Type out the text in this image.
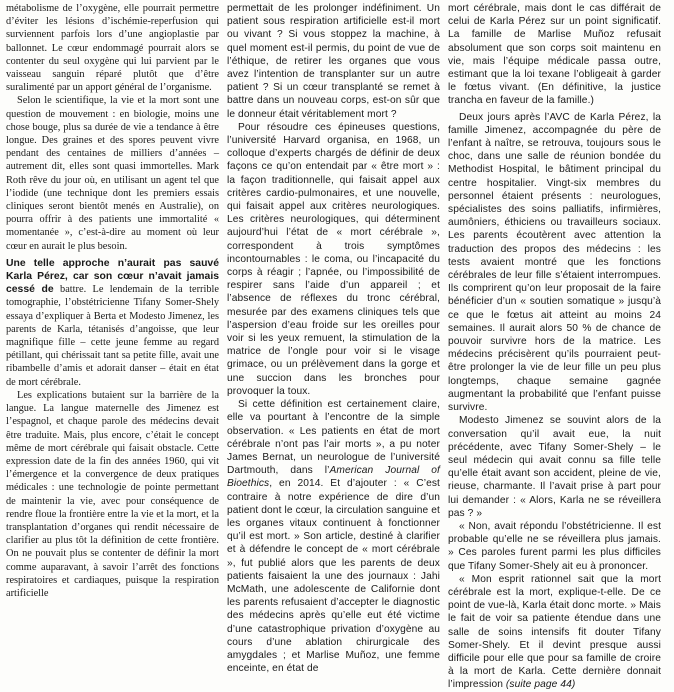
métabolisme de l’oxygène, elle pourrait permettre d’éviter les lésions d’ischémie-reperfusion qui surviennent parfois lors d’une angioplastie par ballonnet. Le cœur endommagé pourrait alors se contenter du seul oxygène qui lui parvient par le vaisseau sanguin réparé plutôt que d’être suralimenté par un apport général de l’organisme.

Selon le scientifique, la vie et la mort sont une question de mouvement : en biologie, moins une chose bouge, plus sa durée de vie a tendance à être longue. Des graines et des spores peuvent vivre pendant des centaines de milliers d’années – autrement dit, elles sont quasi immortelles. Mark Roth rêve du jour où, en utilisant un agent tel que l’iodide (une technique dont les premiers essais cliniques seront bientôt menés en Australie), on pourra offrir à des patients une immortalité « momentanée », c’est-à-dire au moment où leur cœur en aurait le plus besoin.

Une telle approche n’aurait pas sauvé Karla Pérez, car son cœur n’avait jamais cessé de battre. Le lendemain de la terrible tomographie, l’obstétricienne Tifany Somer-Shely essaya d’expliquer à Berta et Modesto Jimenez, les parents de Karla, tétanisés d’angoisse, que leur magnifique fille – cette jeune femme au regard pétillant, qui chérissait tant sa petite fille, avait une ribambelle d’amis et adorait danser – était en état de mort cérébrale.

Les explications butaient sur la barrière de la langue. La langue maternelle des Jimenez est l’espagnol, et chaque parole des médecins devait être traduite. Mais, plus encore, c’était le concept même de mort cérébrale qui faisait obstacle. Cette expression date de la fin des années 1960, qui vit l’émergence et la convergence de deux pratiques médicales : une technologie de pointe permettant de maintenir la vie, avec pour conséquence de rendre floue la frontière entre la vie et la mort, et la transplantation d’organes qui rendit nécessaire de clarifier au plus tôt la définition de cette frontière. On ne pouvait plus se contenter de définir la mort comme auparavant, à savoir l’arrêt des fonctions respiratoires et cardiaques, puisque la respiration artificielle

permettait de les prolonger indéfiniment. Un patient sous respiration artificielle est-il mort ou vivant ? Si vous stoppez la machine, à quel moment est-il permis, du point de vue de l’éthique, de retirer les organes que vous avez l’intention de transplanter sur un autre patient ? Si un cœur transplanté se remet à battre dans un nouveau corps, est-on sûr que le donneur était véritablement mort ?

Pour résoudre ces épineuses questions, l’université Harvard organisa, en 1968, un colloque d’experts chargés de définir de deux façons ce qu’on entendait par « être mort » : la façon traditionnelle, qui faisait appel aux critères cardio-pulmonaires, et une nouvelle, qui faisait appel aux critères neurologiques. Les critères neurologiques, qui déterminent aujourd’hui l’état de « mort cérébrale », correspondent à trois symptômes incontournables : le coma, ou l’incapacité du corps à réagir ; l’apnée, ou l’impossibilité de respirer sans l’aide d’un appareil ; et l’absence de réflexes du tronc cérébral, mesurée par des examens cliniques tels que l’aspersion d’eau froide sur les oreilles pour voir si les yeux remuent, la stimulation de la matrice de l’ongle pour voir si le visage grimace, ou un prélèvement dans la gorge et une succion dans les bronches pour provoquer la toux.

Si cette définition est certainement claire, elle va pourtant à l’encontre de la simple observation. « Les patients en état de mort cérébrale n’ont pas l’air morts », a pu noter James Bernat, un neurologue de l’université Dartmouth, dans l’American Journal of Bioethics, en 2014. Et d’ajouter : « C’est contraire à notre expérience de dire d’un patient dont le cœur, la circulation sanguine et les organes vitaux continuent à fonctionner qu’il est mort. » Son article, destiné à clarifier et à défendre le concept de « mort cérébrale », fut publié alors que les parents de deux patients faisaient la une des journaux : Jahi McMath, une adolescente de Californie dont les parents refusaient d’accepter le diagnostic des médecins après qu’elle eut été victime d’une catastrophique privation d’oxygène au cours d’une ablation chirurgicale des amygdales ; et Marlise Muñoz, une femme enceinte, en état de

mort cérébrale, mais dont le cas différait de celui de Karla Pérez sur un point significatif. La famille de Marlise Muñoz refusait absolument que son corps soit maintenu en vie, mais l’équipe médicale passa outre, estimant que la loi texane l’obligeait à garder le fœtus vivant. (En définitive, la justice trancha en faveur de la famille.)

Deux jours après l’AVC de Karla Pérez, la famille Jimenez, accompagnée du père de l’enfant à naître, se retrouva, toujours sous le choc, dans une salle de réunion bondée du Methodist Hospital, le bâtiment principal du centre hospitalier. Vingt-six membres du personnel étaient présents : neurologues, spécialistes des soins palliatifs, infirmières, aumôniers, éthiciens ou travailleurs sociaux. Les parents écoutèrent avec attention la traduction des propos des médecins : les tests avaient montré que les fonctions cérébrales de leur fille s’étaient interrompues. Ils comprirent qu’on leur proposait de la faire bénéficier d’un « soutien somatique » jusqu’à ce que le fœtus ait atteint au moins 24 semaines. Il aurait alors 50 % de chance de pouvoir survivre hors de la matrice. Les médecins précisèrent qu’ils pourraient peut-être prolonger la vie de leur fille un peu plus longtemps, chaque semaine gagnée augmentant la probabilité que l’enfant puisse survivre.

Modesto Jimenez se souvint alors de la conversation qu’il avait eue, la nuit précédente, avec Tifany Somer-Shely – le seul médecin qui avait connu sa fille telle qu’elle était avant son accident, pleine de vie, rieuse, charmante. Il l’avait prise à part pour lui demander : « Alors, Karla ne se réveillera pas ? »

« Non, avait répondu l’obstétricienne. Il est probable qu’elle ne se réveillera plus jamais. » Ces paroles furent parmi les plus difficiles que Tifany Somer-Shely ait eu à prononcer.

« Mon esprit rationnel sait que la mort cérébrale est la mort, explique-t-elle. De ce point de vue-là, Karla était donc morte. » Mais le fait de voir sa patiente étendue dans une salle de soins intensifs fit douter Tifany Somer-Shely. Et il devint presque aussi difficile pour elle que pour sa famille de croire à la mort de Karla. Cette dernière donnait l’impression (suite page 44)
